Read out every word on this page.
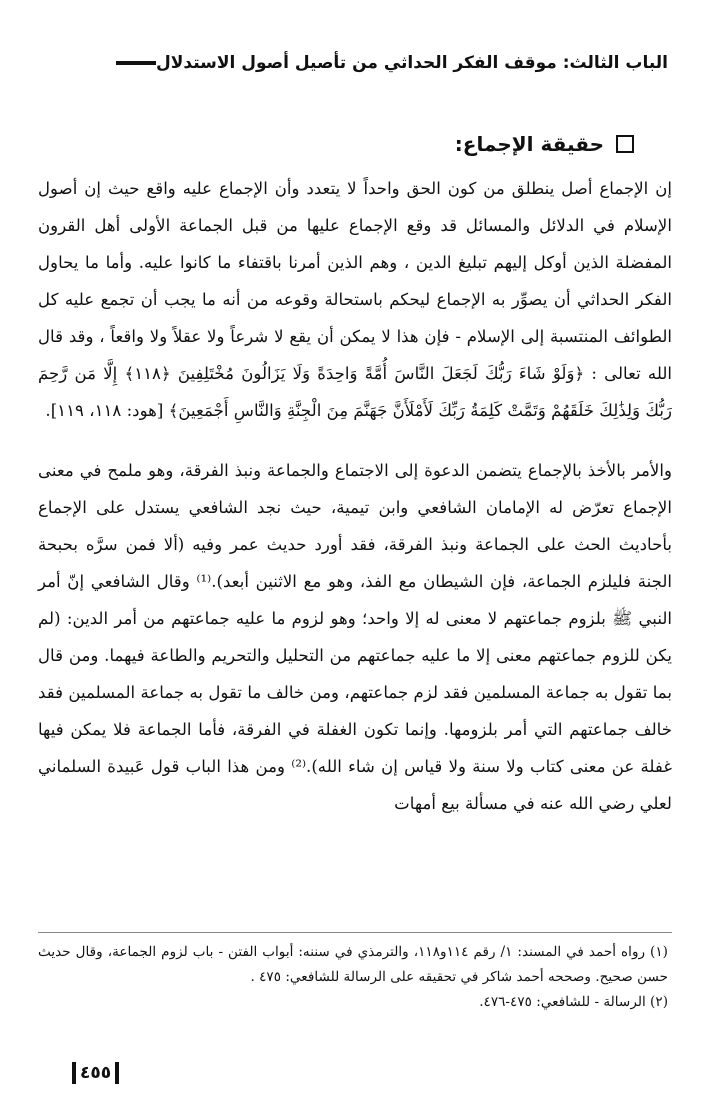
الباب الثالث: موقف الفكر الحداثي من تأصيل أصول الاستدلال
حقيقة الإجماع:

إن الإجماع أصل ينطلق من كون الحق واحداً لا يتعدد وأن الإجماع عليه واقع حيث إن أصول الإسلام في الدلائل والمسائل قد وقع الإجماع عليها من قبل الجماعة الأولى أهل القرون المفضلة الذين أوكل إليهم تبليغ الدين ، وهم الذين أمرنا باقتفاء ما كانوا عليه. وأما ما يحاول الفكر الحداثي أن يصوِّر به الإجماع ليحكم باستحالة وقوعه من أنه ما يجب أن تجمع عليه كل الطوائف المنتسبة إلى الإسلام - فإن هذا لا يمكن أن يقع لا شرعاً ولا عقلاً ولا واقعاً ، وقد قال الله تعالى : ﴿وَلَوْ شَاءَ رَبُّكَ لَجَعَلَ النَّاسَ أُمَّةً وَاحِدَةً وَلَا يَزَالُونَ مُخْتَلِفِينَ ﴿١١٨﴾ إِلَّا مَن رَّحِمَ رَبُّكَ وَلِذَٰلِكَ خَلَقَهُمْ وَتَمَّتْ كَلِمَةُ رَبِّكَ لَأَمْلَأَنَّ جَهَنَّمَ مِنَ الْجِنَّةِ وَالنَّاسِ أَجْمَعِينَ﴾ [هود: ١١٨، ١١٩].

والأمر بالأخذ بالإجماع يتضمن الدعوة إلى الاجتماع والجماعة ونبذ الفرقة، وهو ملمح في معنى الإجماع تعرّض له الإمامان الشافعي وابن تيمية، حيث نجد الشافعي يستدل على الإجماع بأحاديث الحث على الجماعة ونبذ الفرقة، فقد أورد حديث عمر وفيه (ألا فمن سرَّه بحبحة الجنة فليلزم الجماعة، فإن الشيطان مع الفذ، وهو مع الاثنين أبعد).⁽¹⁾ وقال الشافعي إنّ أمر النبي ﷺ بلزوم جماعتهم لا معنى له إلا واحد؛ وهو لزوم ما عليه جماعتهم من أمر الدين: (لم يكن للزوم جماعتهم معنى إلا ما عليه جماعتهم من التحليل والتحريم والطاعة فيهما. ومن قال بما تقول به جماعة المسلمين فقد لزم جماعتهم، ومن خالف ما تقول به جماعة المسلمين فقد خالف جماعتهم التي أمر بلزومها. وإنما تكون الغفلة في الفرقة، فأما الجماعة فلا يمكن فيها غفلة عن معنى كتاب ولا سنة ولا قياس إن شاء الله).⁽²⁾ ومن هذا الباب قول عَبيدة السلماني لعلي رضي الله عنه في مسألة بيع أمهات

(١) رواه أحمد في المسند: ١/ رقم ١١٤و١١٨، والترمذي في سننه: أبواب الفتن - باب لزوم الجماعة، وقال حديث حسن صحيح. وصححه أحمد شاكر في تحقيقه على الرسالة للشافعي: ٤٧٥ .

(٢) الرسالة - للشافعي: ٤٧٥-٤٧٦.

٤٥٥
